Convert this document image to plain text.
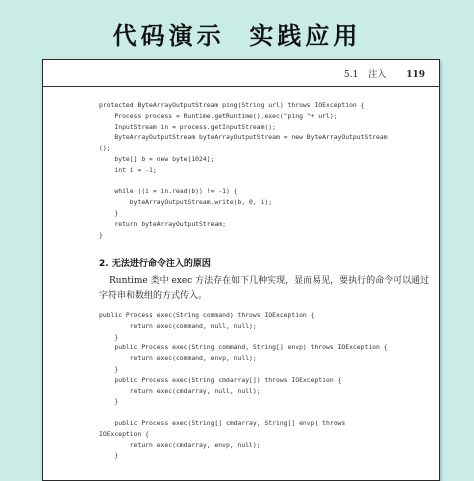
代码演示  实践应用
5.1 注入 119
protected ByteArrayOutputStream ping(String url) throws IOException {
Process process = Runtime.getRuntime().exec("ping "+ url);
InputStream in = process.getInputStream();
ByteArrayOutputStream byteArrayOutputStream = new ByteArrayOutputStream
();
byte[] b = new byte[1024];
int i = -1;
while ((i = in.read(b)) != -1) {
byteArrayOutputStream.write(b, 0, i);
}
return byteArrayOutputStream;
}
2. 无法进行命令注入的原因
Runtime 类中 exec 方法存在如下几种实现，显而易见，要执行的命令可以通过
字符串和数组的方式传入。
public Process exec(String command) throws IOException {
return exec(command, null, null);
}
public Process exec(String command, String[] envp) throws IOException {
return exec(command, envp, null);
}
public Process exec(String cmdarray[]) throws IOException {
return exec(cmdarray, null, null);
}
public Process exec(String[] cmdarray, String[] envp) throws
IOException {
return exec(cmdarray, envp, null);
}
